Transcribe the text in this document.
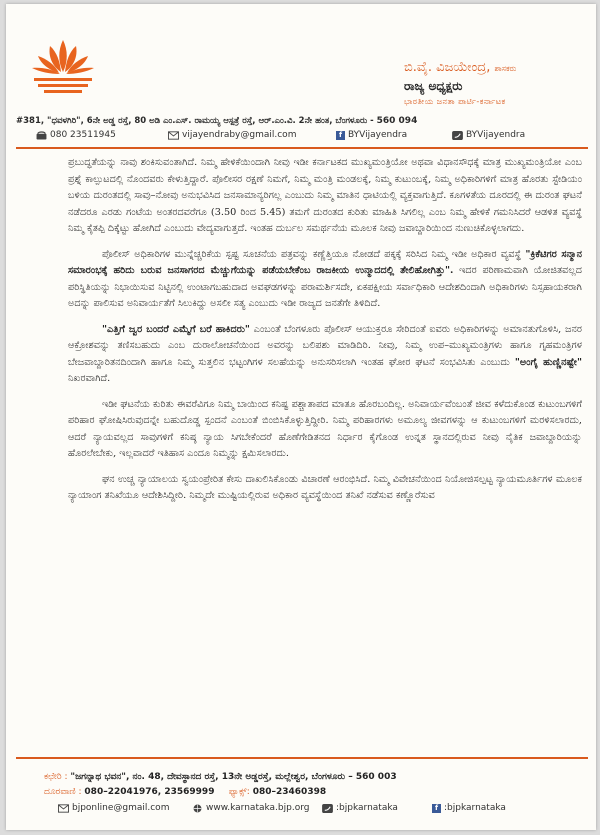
ಬಿ.ವೈ. ವಿಜಯೇಂದ್ರ, ಶಾಸಕರು
ರಾಜ್ಯ ಅಧ್ಯಕ್ಷರು
ಭಾರತೀಯ ಜನತಾ ಪಾರ್ಟಿ-ಕರ್ನಾಟಕ
#381, "ಧವಳಗಿರಿ", 6ನೇ ಅಡ್ಡ ರಸ್ತೆ, 80 ಅಡಿ ಎಂ.ಎಸ್. ರಾಮಯ್ಯ ಆಸ್ಪತ್ರೆ ರಸ್ತೆ, ಆರ್.ಎಂ.ವಿ. 2ನೇ ಹಂತ, ಬೆಂಗಳೂರು - 560 094
080 23511945	vijayendraby@gmail.com	f BYVijayendra	BYVijayendra

ಪ್ರಬುದ್ಧತೆಯನ್ನು ನಾವು ಶಂಕಿಸುವಂತಾಗಿದೆ. ನಿಮ್ಮ ಹೇಳಿಕೆಯಿಂದಾಗಿ ನೀವು ಇಡೀ ಕರ್ನಾಟಕದ ಮುಖ್ಯಮಂತ್ರಿಯೋ ಅಥವಾ ವಿಧಾನಸೌಧಕ್ಕೆ ಮಾತ್ರ ಮುಖ್ಯಮಂತ್ರಿಯೋ ಎಂಬ ಪ್ರಶ್ನೆ ಕಾಲ್ಪುಟದಲ್ಲಿ ನೊಂದವರು ಕೇಳುತ್ತಿದ್ದಾರೆ. ಪೊಲೀಸರ ರಕ್ಷಣೆ ನಿಮಗೆ, ನಿಮ್ಮ ಮಂತ್ರಿ ಮಂಡಲಕ್ಕೆ, ನಿಮ್ಮ ಕುಟುಂಬಕ್ಕೆ, ನಿಮ್ಮ ಅಧಿಕಾರಿಗಳಿಗೆ ಮಾತ್ರ ಹೊರತು ಸ್ಟೇಡಿಯಂ ಬಳಿಯ ದುರಂತದಲ್ಲಿ ಸಾವು–ನೋವು ಅನುಭವಿಸಿದ ಜನಸಾಮಾನ್ಯರಿಗಲ್ಲ ಎಂಬುದು ನಿಮ್ಮ ಮಾತಿನ ಧಾಟಿಯಲ್ಲಿ ವ್ಯಕ್ತವಾಗುತ್ತಿದೆ. ಕೂಗಳತೆಯ ದೂರದಲ್ಲಿ ಈ ದುರಂತ ಘಟನೆ ನಡೆದರೂ ಎರಡು ಗಂಟೆಯ ಅಂತರದವರೆಗೂ (3.50 ರಿಂದ 5.45) ತಮಗೆ ದುರಂತದ ಕುರಿತು ಮಾಹಿತಿ ಸಿಗಲಿಲ್ಲ ಎಂಬ ನಿಮ್ಮ ಹೇಳಿಕೆ ಗಮನಿಸಿದರೆ ಆಡಳಿತ ವ್ಯವಸ್ಥೆ ನಿಮ್ಮ ಕೈತಪ್ಪಿ ದಿಕ್ಕೆಟ್ಟು ಹೋಗಿದೆ ಎಂಬುದು ವೇದ್ಯವಾಗುತ್ತದೆ. ಇಂತಹ ದುರ್ಬಲ ಸಮರ್ಥನೆಯ ಮೂಲಕ ನೀವು ಜವಾಬ್ದಾರಿಯಿಂದ ನುಣುಚಿಕೊಳ್ಳಲಾಗದು.

ಪೊಲೀಸ್ ಅಧಿಕಾರಿಗಳ ಮುನ್ನೆಚ್ಚರಿಕೆಯ ಸ್ಪಷ್ಟ ಸೂಚನೆಯ ಪತ್ರವನ್ನು ಕಣ್ಣೆತ್ತಿಯೂ ನೋಡದೆ ಪಕ್ಕಕ್ಕೆ ಸರಿಸಿದ ನಿಮ್ಮ ಇಡೀ ಅಧಿಕಾರ ವ್ಯವಸ್ಥೆ "ಕ್ರಿಕೆಟಿಗರ ಸನ್ಮಾನ ಸಮಾರಂಭಕ್ಕೆ ಹರಿದು ಬರುವ ಜನಸಾಗರದ ಮೆಚ್ಚುಗೆಯನ್ನು ಪಡೆಯಬೇಕೆಂಬ ರಾಜಕೀಯ ಉನ್ಮಾದದಲ್ಲಿ ತೇಲಿಹೋಗಿತ್ತು". ಇದರ ಪರಿಣಾಮವಾಗಿ ಯೋಜಿತವಲ್ಲದ ಪರಿಸ್ಥಿತಿಯನ್ನು ನಿಭಾಯಿಸುವ ನಿಟ್ಟಿನಲ್ಲಿ ಉಂಟಾಗಬಹುದಾದ ಅವಘಡಗಳನ್ನು ಪರಾಮರ್ಶಿಸದೇ, ಏಕಪಕ್ಷೀಯ ಸರ್ವಾಧಿಕಾರಿ ಆದೇಶದಿಂದಾಗಿ ಅಧಿಕಾರಿಗಳು ನಿಸ್ಸಹಾಯಕರಾಗಿ ಅದನ್ನು ಪಾಲಿಸುವ ಅನಿವಾರ್ಯತೆಗೆ ಸಿಲುಕಿದ್ದು ಅಸಲೀ ಸತ್ಯ ಎಂಬುದು ಇಡೀ ರಾಜ್ಯದ ಜನತೆಗೇ ತಿಳಿದಿದೆ.

"ಎತ್ತಿಗೆ ಜ್ವರ ಬಂದರೆ ಎಮ್ಮೆಗೆ ಬರೆ ಹಾಕಿದರು" ಎಂಬಂತೆ ಬೆಂಗಳೂರು ಪೊಲೀಸ್ ಆಯುಕ್ತರೂ ಸೇರಿದಂತೆ ಐವರು ಅಧಿಕಾರಿಗಳನ್ನು ಅಮಾನತುಗೊಳಿಸಿ, ಜನರ ಆಕ್ರೋಶವನ್ನು ತಣಿಸಬಹುದು ಎಂಬ ದುರಾಲೋಚನೆಯಿಂದ ಅವರನ್ನು ಬಲಿಪಶು ಮಾಡಿದಿರಿ. ನೀವು, ನಿಮ್ಮ ಉಪ–ಮುಖ್ಯಮಂತ್ರಿಗಳು ಹಾಗೂ ಗೃಹಮಂತ್ರಿಗಳ ಬೇಜವಾಬ್ದಾರಿತನದಿಂದಾಗಿ ಹಾಗೂ ನಿಮ್ಮ ಸುತ್ತಲಿನ ಭಟ್ಟಂಗಿಗಳ ಸಲಹೆಯನ್ನು ಅನುಸರಿಸಲಾಗಿ ಇಂತಹ ಘೋರ ಘಟನೆ ಸಂಭವಿಸಿತು ಎಂಬುದು "ಅಂಗೈ ಹುಣ್ಣಿನಷ್ಟೇ" ನಿಖರವಾಗಿದೆ.

ಇಡೀ ಘಟನೆಯ ಕುರಿತು ಈವರೆವಿಗೂ ನಿಮ್ಮ ಬಾಯಿಂದ ಕನಿಷ್ಟ ಪಶ್ಚಾತಾಪದ ಮಾತೂ ಹೊರಬಂದಿಲ್ಲ. ಅನಿವಾರ್ಯವೆಂಬಂತೆ ಜೀವ ಕಳೆದುಕೊಂಡ ಕುಟುಂಬಗಳಿಗೆ ಪರಿಹಾರ ಘೋಷಿಸಿರುವುದನ್ನೇ ಬಹುದೊಡ್ಡ ಸ್ಪಂದನೆ ಎಂಬಂತೆ ಬಿಂಬಿಸಿಕೊಳ್ಳುತ್ತಿದ್ದೀರಿ. ನಿಮ್ಮ ಪರಿಹಾರಗಳು ಅಮೂಲ್ಯ ಜೀವಗಳನ್ನು ಆ ಕುಟುಂಬಗಳಿಗೆ ಮರಳಿಸಲಾರದು, ಆದರೆ ನ್ಯಾಯವಲ್ಲದ ಸಾವುಗಳಿಗೆ ಕನಿಷ್ಠ ನ್ಯಾಯ ಸಿಗಬೇಕೆಂದರೆ ಹೊಣೆಗೇಡಿತನದ ನಿರ್ಧಾರ ಕೈಗೊಂಡ ಉನ್ನತ ಸ್ಥಾನದಲ್ಲಿರುವ ನೀವು ನೈತಿಕ ಜವಾಬ್ದಾರಿಯನ್ನು ಹೊರಲೇಬೇಕು, ಇಲ್ಲವಾದರೆ ಇತಿಹಾಸ ಎಂದೂ ನಿಮ್ಮನ್ನು ಕ್ಷಮಿಸಲಾರದು.

ಘನ ಉಚ್ಚ ನ್ಯಾಯಾಲಯ ಸ್ವಯಂಪ್ರೇರಿತ ಕೇಸು ದಾಖಲಿಸಿಕೊಂಡು ವಿಚಾರಣೆ ಆರಂಭಿಸಿದೆ. ನಿಮ್ಮ ವಿವೇಚನೆಯಿಂದ ನಿಯೋಜಿಸಲ್ಪಟ್ಟ ನ್ಯಾಯಮೂರ್ತಿಗಳ ಮೂಲಕ ನ್ಯಾಯಾಂಗ ತನಿಖೆಯೂ ಆದೇಶಿಸಿದ್ದೀರಿ. ನಿಮ್ಮದೇ ಮುಷ್ಟಿಯಲ್ಲಿರುವ ಅಧಿಕಾರ ವ್ಯವಸ್ಥೆಯಿಂದ ತನಿಖೆ ನಡೆಸುವ ಕಣ್ಣೊರೆಸುವ

ಕಛೇರಿ : "ಜಗನ್ನಾಥ ಭವನ", ನಂ. 48, ದೇವಸ್ಥಾನದ ರಸ್ತೆ, 13ನೇ ಅಡ್ಡರಸ್ತೆ, ಮಲ್ಲೇಶ್ವರ, ಬೆಂಗಳೂರು – 560 003
ದೂರವಾಣಿ : 080–22041976, 23569999 ಫ್ಯಾಕ್ಸ್: 080–23460398
bjponline@gmail.com	www.karnataka.bjp.org	:bjpkarnataka	f :bjpkarnataka
